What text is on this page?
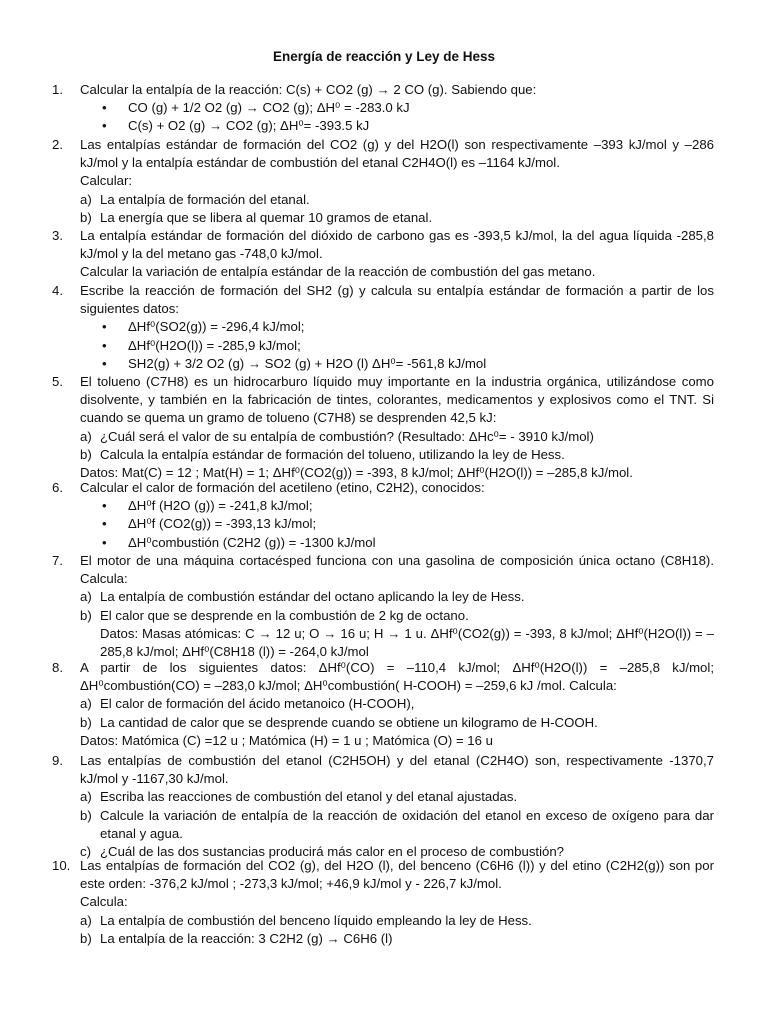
Energía de reacción y Ley de Hess
1.	Calcular la entalpía de la reacción: C(s) + CO2 (g) → 2 CO (g). Sabiendo que:
• CO (g) + 1/2 O2 (g) → CO2 (g); ΔH⁰ = -283.0 kJ
• C(s) + O2 (g) → CO2 (g); ΔH⁰= -393.5 kJ
2.	Las entalpías estándar de formación del CO2 (g) y del H2O(l) son respectivamente –393 kJ/mol y –286 kJ/mol y la entalpía estándar de combustión del etanal C2H4O(l) es –1164 kJ/mol.
Calcular:
a) La entalpía de formación del etanal.
b) La energía que se libera al quemar 10 gramos de etanal.
3.	La entalpía estándar de formación del dióxido de carbono gas es -393,5 kJ/mol, la del agua líquida -285,8 kJ/mol y la del metano gas -748,0 kJ/mol.
Calcular la variación de entalpía estándar de la reacción de combustión del gas metano.
4.	Escribe la reacción de formación del SH2 (g) y calcula su entalpía estándar de formación a partir de los siguientes datos:
• ΔHf⁰(SO2(g)) = -296,4 kJ/mol;
• ΔHf⁰(H2O(l)) = -285,9 kJ/mol;
• SH2(g) + 3/2 O2 (g) → SO2 (g) + H2O (l) ΔH⁰= -561,8 kJ/mol
5.	El tolueno (C7H8) es un hidrocarburo líquido muy importante en la industria orgánica, utilizándose como disolvente, y también en la fabricación de tintes, colorantes, medicamentos y explosivos como el TNT. Si cuando se quema un gramo de tolueno (C7H8) se desprenden 42,5 kJ:
a) ¿Cuál será el valor de su entalpía de combustión? (Resultado: ΔHc⁰= - 3910 kJ/mol)
b) Calcula la entalpía estándar de formación del tolueno, utilizando la ley de Hess.
Datos: Mat(C) = 12 ; Mat(H) = 1; ΔHf⁰(CO2(g)) = -393, 8 kJ/mol; ΔHf⁰(H2O(l)) = –285,8 kJ/mol.
6.	Calcular el calor de formación del acetileno (etino, C2H2), conocidos:
• ΔH⁰f (H2O (g)) = -241,8 kJ/mol;
• ΔH⁰f (CO2(g)) = -393,13 kJ/mol;
• ΔH⁰combustión (C2H2 (g)) = -1300 kJ/mol
7.	El motor de una máquina cortacésped funciona con una gasolina de composición única octano (C8H18). Calcula:
a) La entalpía de combustión estándar del octano aplicando la ley de Hess.
b) El calor que se desprende en la combustión de 2 kg de octano.
Datos: Masas atómicas: C → 12 u; O → 16 u; H → 1 u. ΔHf⁰(CO2(g)) = -393, 8 kJ/mol; ΔHf⁰(H2O(l)) = –285,8 kJ/mol; ΔHf⁰(C8H18 (l)) = -264,0 kJ/mol
8.	A partir de los siguientes datos: ΔHf⁰(CO) = –110,4 kJ/mol; ΔHf⁰(H2O(l)) = –285,8 kJ/mol; ΔH⁰combustión(CO) = –283,0 kJ/mol; ΔH⁰combustión( H-COOH) = –259,6 kJ /mol. Calcula:
a) El calor de formación del ácido metanoico (H-COOH),
b) La cantidad de calor que se desprende cuando se obtiene un kilogramo de H-COOH.
Datos: Matómica (C) =12 u ; Matómica (H) = 1 u ; Matómica (O) = 16 u
9.	Las entalpías de combustión del etanol (C2H5OH) y del etanal (C2H4O) son, respectivamente -1370,7 kJ/mol y -1167,30 kJ/mol.
a) Escriba las reacciones de combustión del etanol y del etanal ajustadas.
b) Calcule la variación de entalpía de la reacción de oxidación del etanol en exceso de oxígeno para dar etanal y agua.
c) ¿Cuál de las dos sustancias producirá más calor en el proceso de combustión?
10. Las entalpías de formación del CO2 (g), del H2O (l), del benceno (C6H6 (l)) y del etino (C2H2(g)) son por este orden: -376,2 kJ/mol ; -273,3 kJ/mol; +46,9 kJ/mol y - 226,7 kJ/mol.
Calcula:
a) La entalpía de combustión del benceno líquido empleando la ley de Hess.
b) La entalpía de la reacción: 3 C2H2 (g) → C6H6 (l)
